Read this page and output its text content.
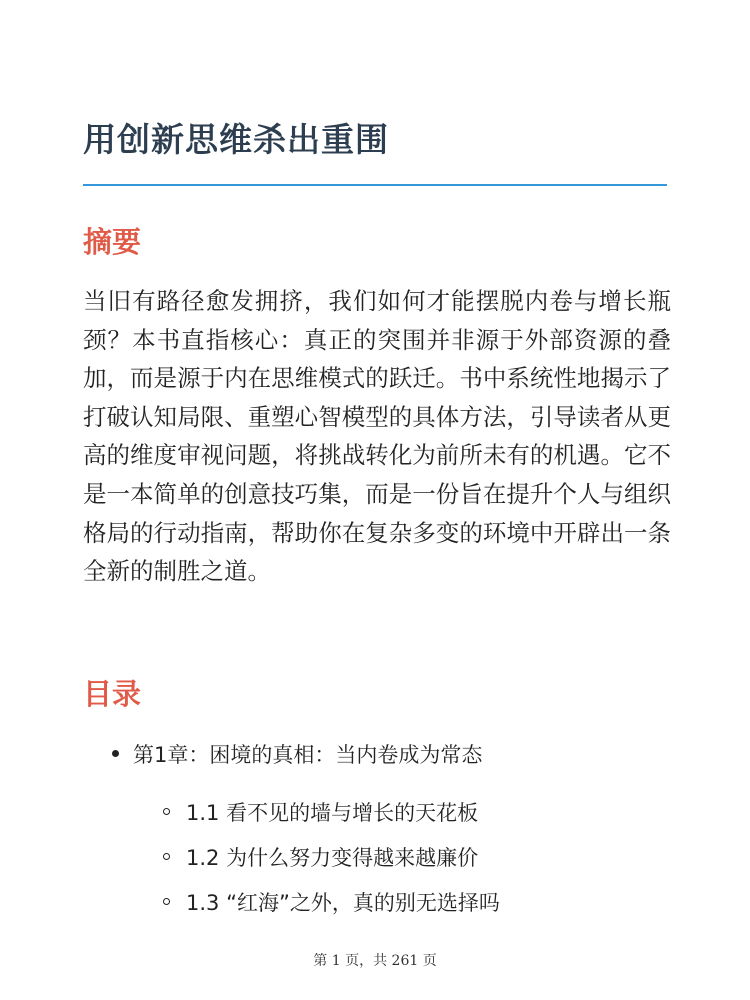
用创新思维杀出重围
摘要

当旧有路径愈发拥挤，我们如何才能摆脱内卷与增长瓶颈？本书直指核心：真正的突围并非源于外部资源的叠加，而是源于内在思维模式的跃迁。书中系统性地揭示了打破认知局限、重塑心智模型的具体方法，引导读者从更高的维度审视问题，将挑战转化为前所未有的机遇。它不是一本简单的创意技巧集，而是一份旨在提升个人与组织格局的行动指南，帮助你在复杂多变的环境中开辟出一条全新的制胜之道。

目录
第1章：困境的真相：当内卷成为常态
1.1 看不见的墙与增长的天花板
1.2 为什么努力变得越来越廉价
1.3 “红海”之外，真的别无选择吗
第 1 页，共 261 页
